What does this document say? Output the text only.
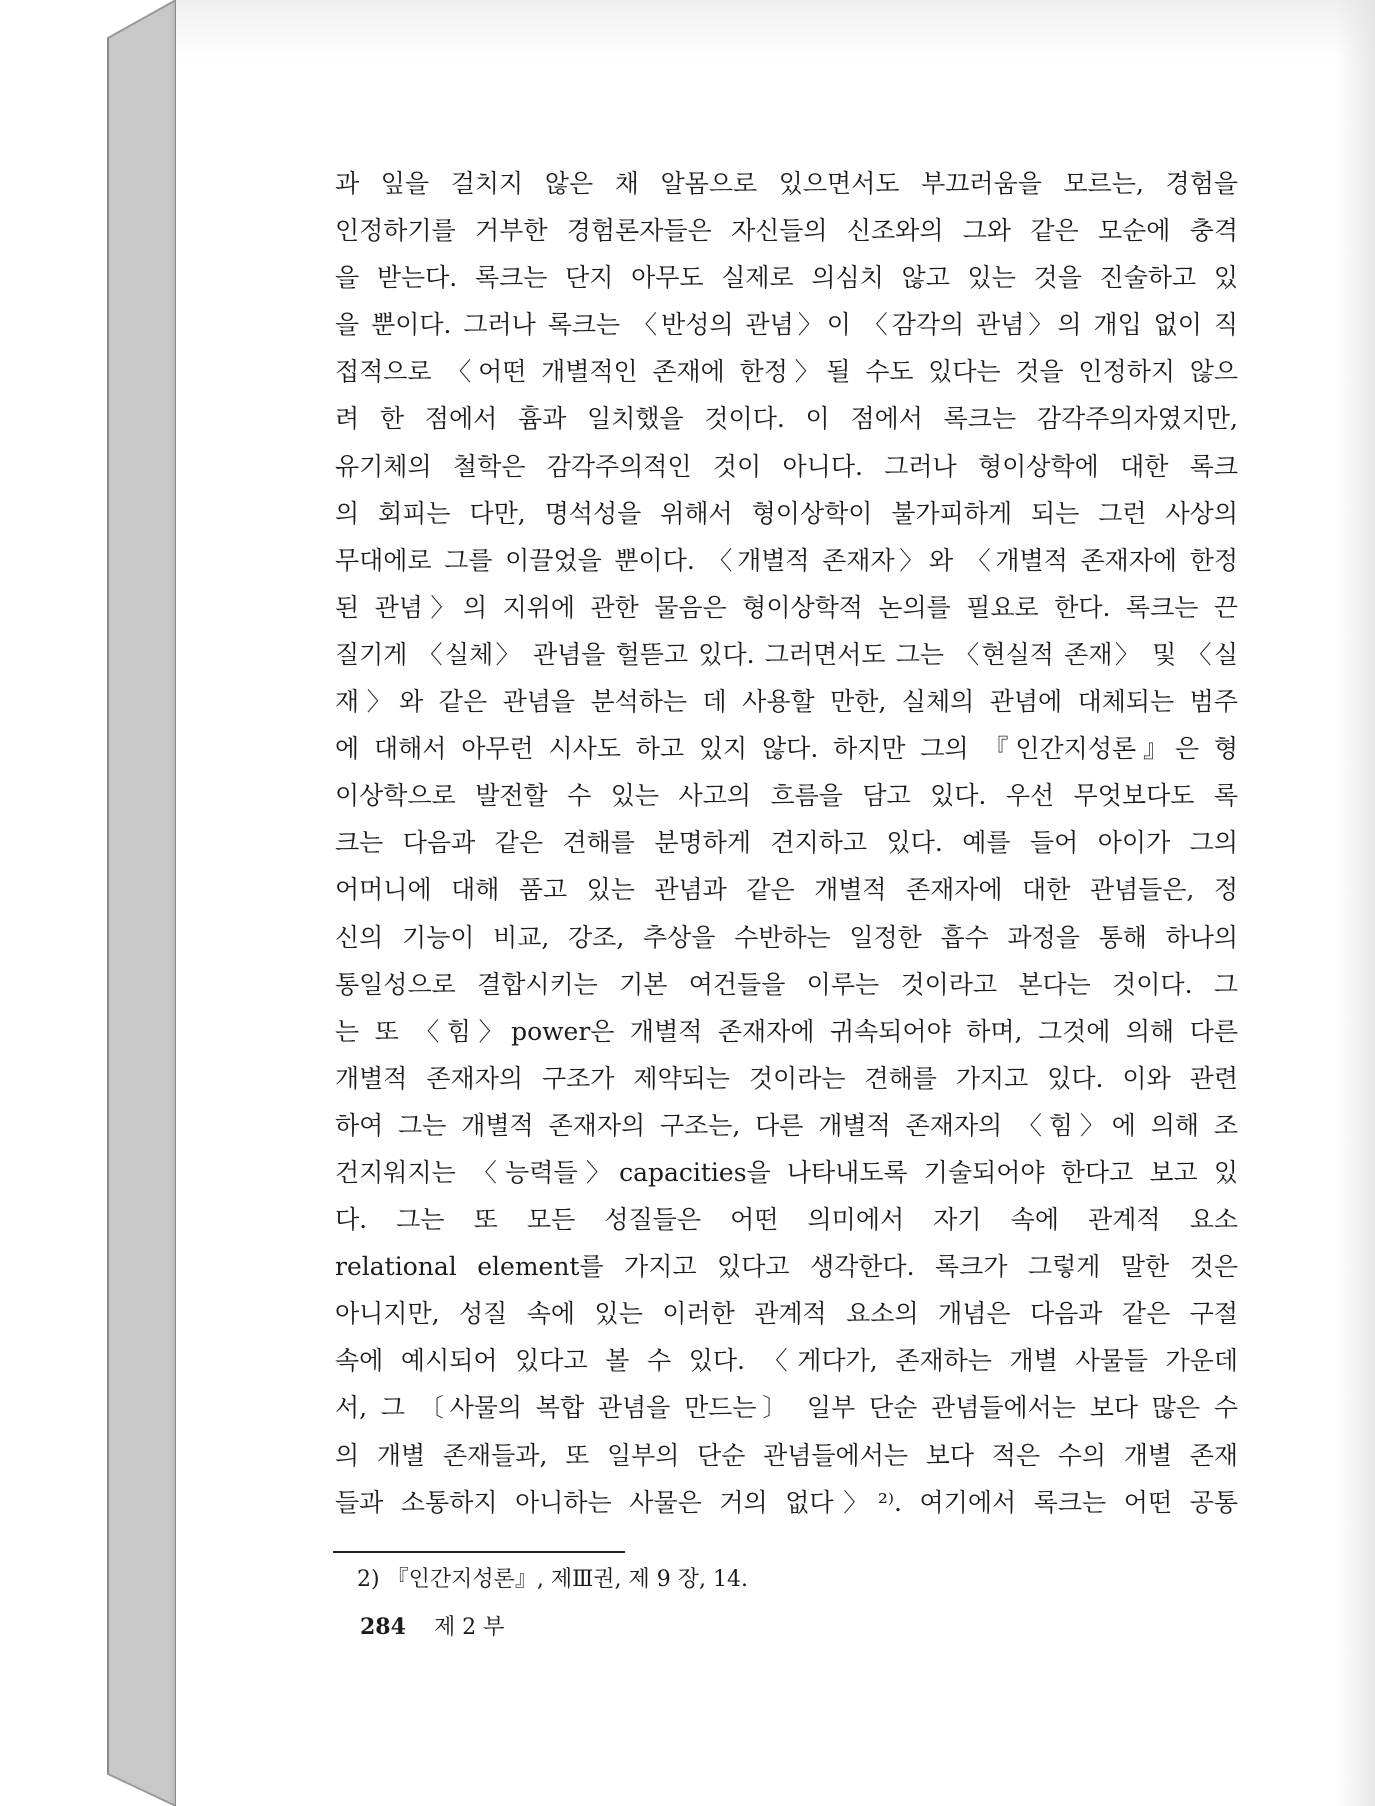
과 잎을 걸치지 않은 채 알몸으로 있으면서도 부끄러움을 모르는, 경험을
인정하기를 거부한 경험론자들은 자신들의 신조와의 그와 같은 모순에 충격
을 받는다. 록크는 단지 아무도 실제로 의심치 않고 있는 것을 진술하고 있
을 뿐이다. 그러나 록크는 〈반성의 관념〉이 〈감각의 관념〉의 개입 없이 직
접적으로 〈어떤 개별적인 존재에 한정〉될 수도 있다는 것을 인정하지 않으
려 한 점에서 흄과 일치했을 것이다. 이 점에서 록크는 감각주의자였지만,
유기체의 철학은 감각주의적인 것이 아니다. 그러나 형이상학에 대한 록크
의 회피는 다만, 명석성을 위해서 형이상학이 불가피하게 되는 그런 사상의
무대에로 그를 이끌었을 뿐이다. 〈개별적 존재자〉와 〈개별적 존재자에 한정
된 관념〉의 지위에 관한 물음은 형이상학적 논의를 필요로 한다. 록크는 끈
질기게 〈실체〉 관념을 헐뜯고 있다. 그러면서도 그는 〈현실적 존재〉 및 〈실
재〉와 같은 관념을 분석하는 데 사용할 만한, 실체의 관념에 대체되는 범주
에 대해서 아무런 시사도 하고 있지 않다. 하지만 그의 『인간지성론』은 형
이상학으로 발전할 수 있는 사고의 흐름을 담고 있다. 우선 무엇보다도 록
크는 다음과 같은 견해를 분명하게 견지하고 있다. 예를 들어 아이가 그의
어머니에 대해 품고 있는 관념과 같은 개별적 존재자에 대한 관념들은, 정
신의 기능이 비교, 강조, 추상을 수반하는 일정한 흡수 과정을 통해 하나의
통일성으로 결합시키는 기본 여건들을 이루는 것이라고 본다는 것이다. 그
는 또 〈힘〉power은 개별적 존재자에 귀속되어야 하며, 그것에 의해 다른
개별적 존재자의 구조가 제약되는 것이라는 견해를 가지고 있다. 이와 관련
하여 그는 개별적 존재자의 구조는, 다른 개별적 존재자의 〈힘〉에 의해 조
건지워지는 〈능력들〉capacities을 나타내도록 기술되어야 한다고 보고 있
다. 그는 또 모든 성질들은 어떤 의미에서 자기 속에 관계적 요소
relational element를 가지고 있다고 생각한다. 록크가 그렇게 말한 것은
아니지만, 성질 속에 있는 이러한 관계적 요소의 개념은 다음과 같은 구절
속에 예시되어 있다고 볼 수 있다. 〈게다가, 존재하는 개별 사물들 가운데
서, 그 〔사물의 복합 관념을 만드는〕 일부 단순 관념들에서는 보다 많은 수
의 개별 존재들과, 또 일부의 단순 관념들에서는 보다 적은 수의 개별 존재
들과 소통하지 아니하는 사물은 거의 없다〉²⁾. 여기에서 록크는 어떤 공통
2) 『인간지성론』, 제Ⅲ권, 제 9 장, 14.
284 제 2 부
